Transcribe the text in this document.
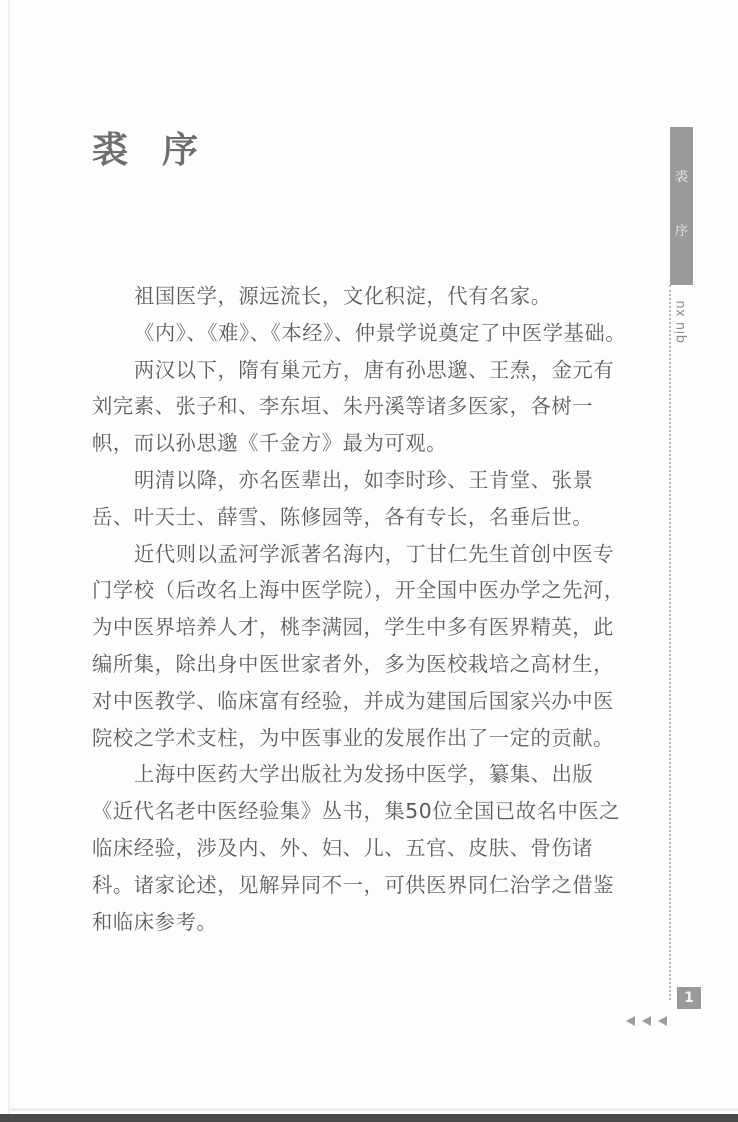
裘序

祖国医学，源远流长，文化积淀，代有名家。

《内》、《难》、《本经》、仲景学说奠定了中医学基础。

两汉以下，隋有巢元方，唐有孙思邈、王焘，金元有刘完素、张子和、李东垣、朱丹溪等诸多医家，各树一帜，而以孙思邈《千金方》最为可观。

明清以降，亦名医辈出，如李时珍、王肯堂、张景岳、叶天士、薛雪、陈修园等，各有专长，名垂后世。

近代则以孟河学派著名海内，丁甘仁先生首创中医专门学校（后改名上海中医学院），开全国中医办学之先河，为中医界培养人才，桃李满园，学生中多有医界精英，此编所集，除出身中医世家者外，多为医校栽培之高材生，对中医教学、临床富有经验，并成为建国后国家兴办中医院校之学术支柱，为中医事业的发展作出了一定的贡献。

上海中医药大学出版社为发扬中医学，纂集、出版《近代名老中医经验集》丛书，集50位全国已故名中医之临床经验，涉及内、外、妇、儿、五官、皮肤、骨伤诸科。诸家论述，见解异同不一，可供医界同仁治学之借鉴和临床参考。

裘
序
qiu xu
1
